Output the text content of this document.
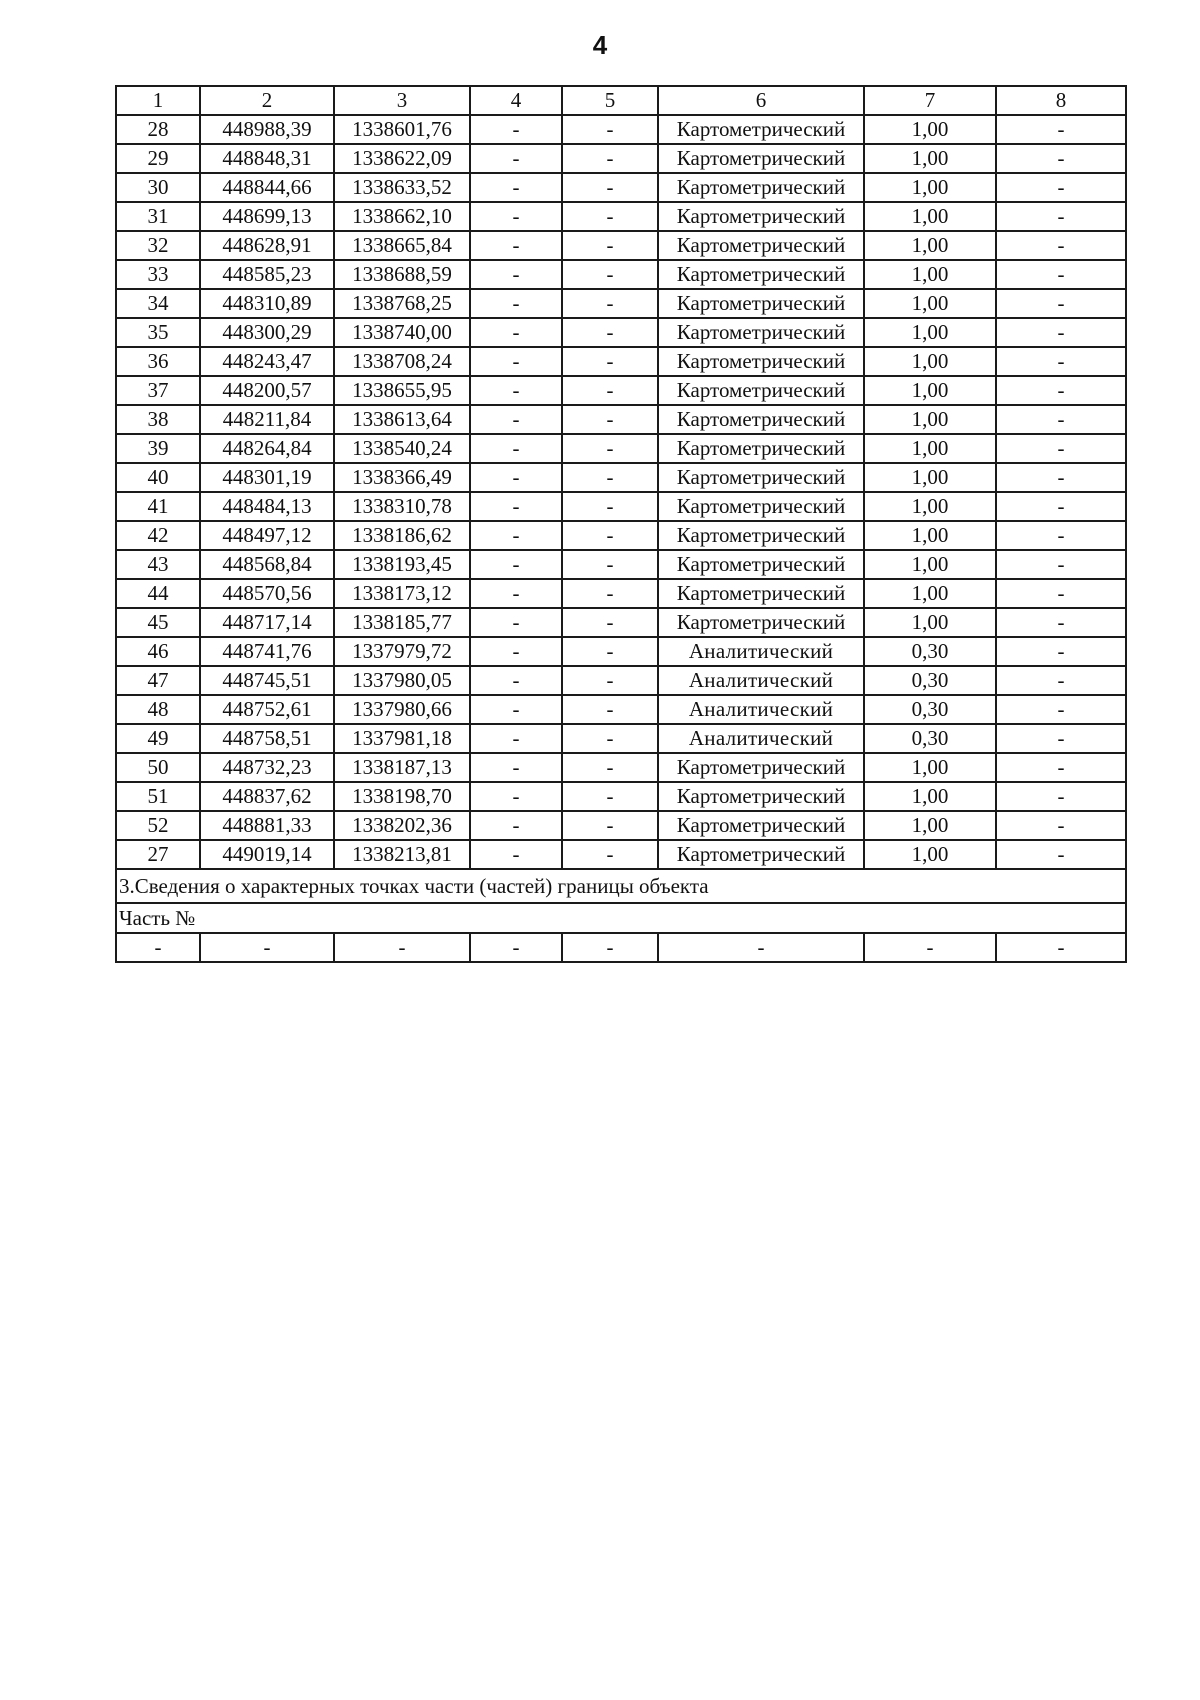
4
1	2	3	4	5	6	7	8
28	448988,39	1338601,76	-	-	Картометрический	1,00	-
29	448848,31	1338622,09	-	-	Картометрический	1,00	-
30	448844,66	1338633,52	-	-	Картометрический	1,00	-
31	448699,13	1338662,10	-	-	Картометрический	1,00	-
32	448628,91	1338665,84	-	-	Картометрический	1,00	-
33	448585,23	1338688,59	-	-	Картометрический	1,00	-
34	448310,89	1338768,25	-	-	Картометрический	1,00	-
35	448300,29	1338740,00	-	-	Картометрический	1,00	-
36	448243,47	1338708,24	-	-	Картометрический	1,00	-
37	448200,57	1338655,95	-	-	Картометрический	1,00	-
38	448211,84	1338613,64	-	-	Картометрический	1,00	-
39	448264,84	1338540,24	-	-	Картометрический	1,00	-
40	448301,19	1338366,49	-	-	Картометрический	1,00	-
41	448484,13	1338310,78	-	-	Картометрический	1,00	-
42	448497,12	1338186,62	-	-	Картометрический	1,00	-
43	448568,84	1338193,45	-	-	Картометрический	1,00	-
44	448570,56	1338173,12	-	-	Картометрический	1,00	-
45	448717,14	1338185,77	-	-	Картометрический	1,00	-
46	448741,76	1337979,72	-	-	Аналитический	0,30	-
47	448745,51	1337980,05	-	-	Аналитический	0,30	-
48	448752,61	1337980,66	-	-	Аналитический	0,30	-
49	448758,51	1337981,18	-	-	Аналитический	0,30	-
50	448732,23	1338187,13	-	-	Картометрический	1,00	-
51	448837,62	1338198,70	-	-	Картометрический	1,00	-
52	448881,33	1338202,36	-	-	Картометрический	1,00	-
27	449019,14	1338213,81	-	-	Картометрический	1,00	-
3.Сведения о характерных точках части (частей) границы объекта							
Часть №							
-	-	-	-	-	-	-	-
